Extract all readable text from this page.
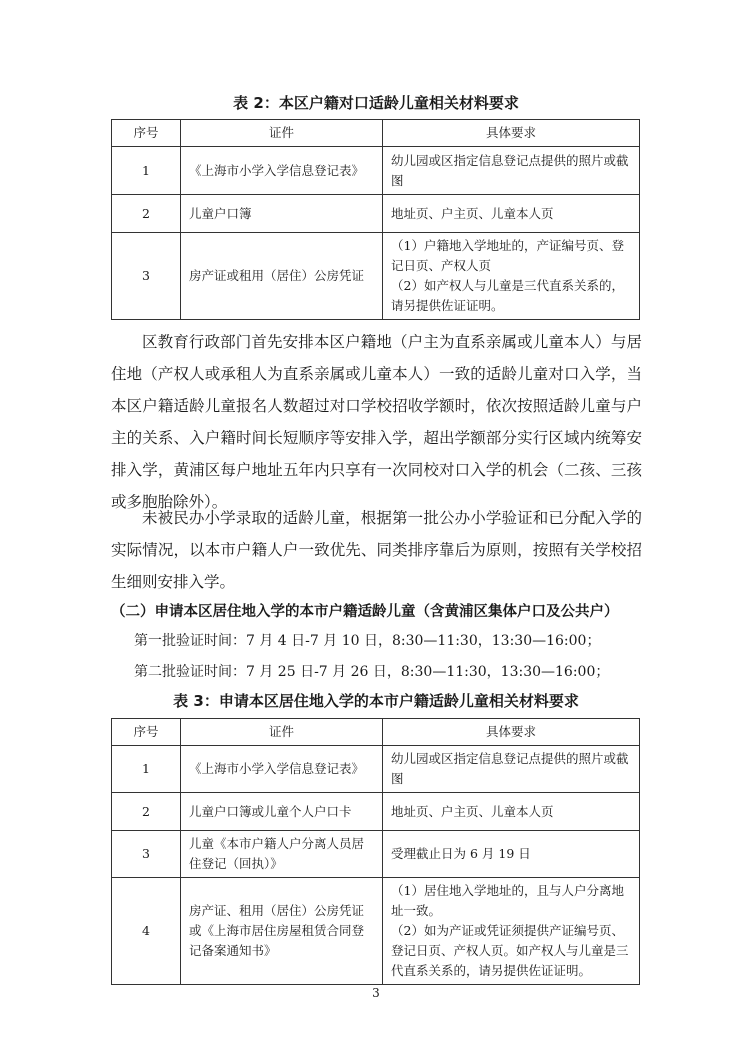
表 2：本区户籍对口适龄儿童相关材料要求
序号	证件	具体要求
1	《上海市小学入学信息登记表》	幼儿园或区指定信息登记点提供的照片或截图
2	儿童户口簿	地址页、户主页、儿童本人页
3	房产证或租用（居住）公房凭证	（1）户籍地入学地址的，产证编号页、登记日页、产权人页
（2）如产权人与儿童是三代直系关系的，请另提供佐证证明。

区教育行政部门首先安排本区户籍地（户主为直系亲属或儿童本人）与居住地（产权人或承租人为直系亲属或儿童本人）一致的适龄儿童对口入学，当本区户籍适龄儿童报名人数超过对口学校招收学额时，依次按照适龄儿童与户主的关系、入户籍时间长短顺序等安排入学，超出学额部分实行区域内统筹安排入学，黄浦区每户地址五年内只享有一次同校对口入学的机会（二孩、三孩或多胞胎除外）。

未被民办小学录取的适龄儿童，根据第一批公办小学验证和已分配入学的实际情况，以本市户籍人户一致优先、同类排序靠后为原则，按照有关学校招生细则安排入学。

（二）申请本区居住地入学的本市户籍适龄儿童（含黄浦区集体户口及公共户）
第一批验证时间：7 月 4 日-7 月 10 日，8:30—11:30，13:30—16:00；
第二批验证时间：7 月 25 日-7 月 26 日，8:30—11:30，13:30—16:00；
表 3：申请本区居住地入学的本市户籍适龄儿童相关材料要求
序号	证件	具体要求
1	《上海市小学入学信息登记表》	幼儿园或区指定信息登记点提供的照片或截图
2	儿童户口簿或儿童个人户口卡	地址页、户主页、儿童本人页
3	儿童《本市户籍人户分离人员居住登记（回执）》	受理截止日为 6 月 19 日
4	房产证、租用（居住）公房凭证或《上海市居住房屋租赁合同登记备案通知书》	（1）居住地入学地址的，且与人户分离地址一致。
（2）如为产证或凭证须提供产证编号页、登记日页、产权人页。如产权人与儿童是三代直系关系的，请另提供佐证证明。
3
